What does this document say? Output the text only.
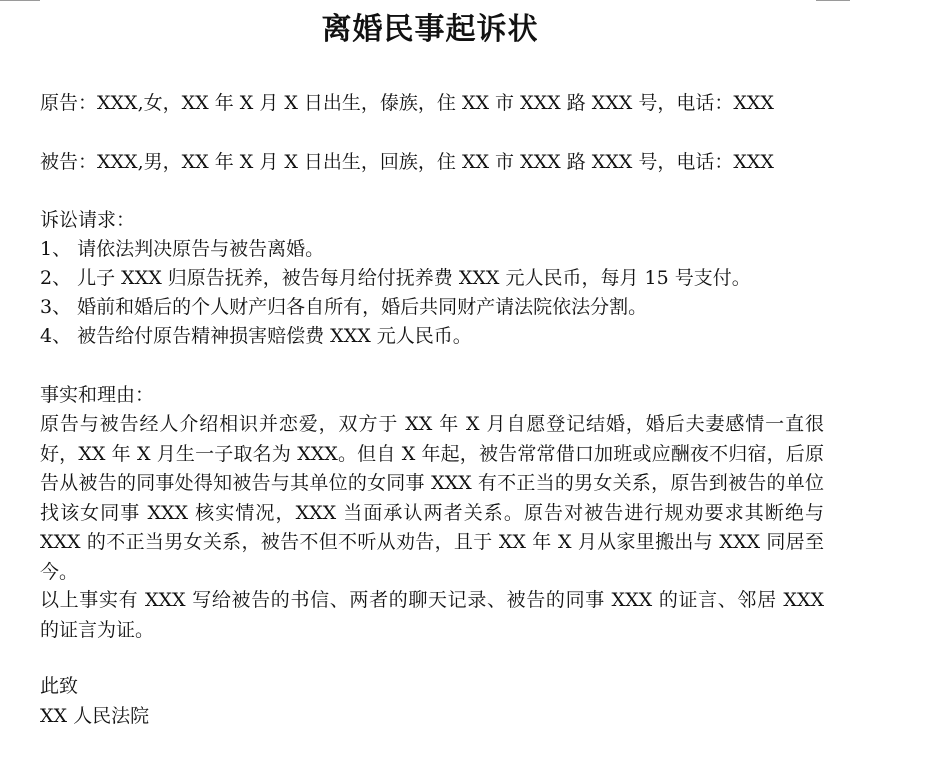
离婚民事起诉状

原告：XXX,女，XX 年 X 月 X 日出生，傣族，住 XX 市 XXX 路 XXX 号，电话：XXX

被告：XXX,男，XX 年 X 月 X 日出生，回族，住 XX 市 XXX 路 XXX 号，电话：XXX

诉讼请求：

1、 请依法判决原告与被告离婚。

2、 儿子 XXX 归原告抚养，被告每月给付抚养费 XXX 元人民币，每月 15 号支付。

3、 婚前和婚后的个人财产归各自所有，婚后共同财产请法院依法分割。

4、 被告给付原告精神损害赔偿费 XXX 元人民币。

事实和理由：

原告与被告经人介绍相识并恋爱，双方于 XX 年 X 月自愿登记结婚，婚后夫妻感情一直很好，XX 年 X 月生一子取名为 XXX。但自 X 年起，被告常常借口加班或应酬夜不归宿，后原告从被告的同事处得知被告与其单位的女同事 XXX 有不正当的男女关系，原告到被告的单位找该女同事 XXX 核实情况，XXX 当面承认两者关系。原告对被告进行规劝要求其断绝与 XXX 的不正当男女关系，被告不但不听从劝告，且于 XX 年 X 月从家里搬出与 XXX 同居至今。

以上事实有 XXX 写给被告的书信、两者的聊天记录、被告的同事 XXX 的证言、邻居 XXX 的证言为证。

此致

XX 人民法院
